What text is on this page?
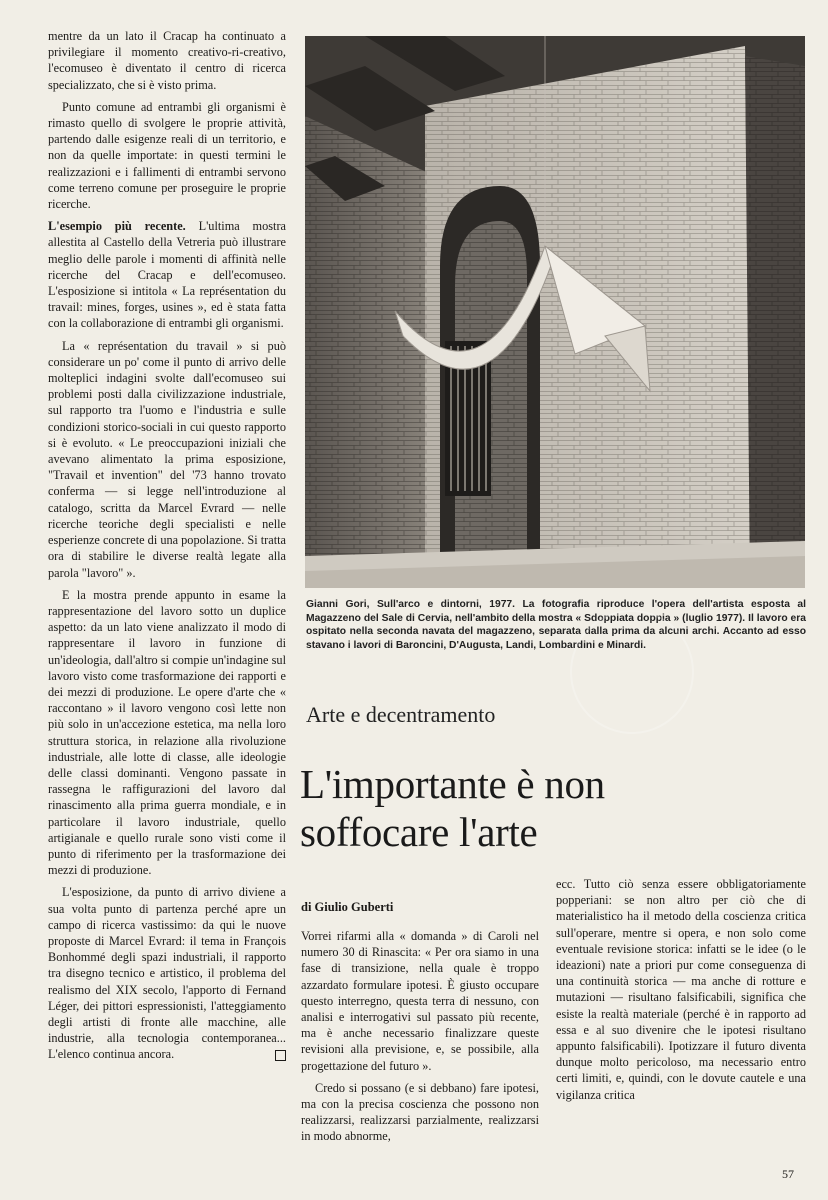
mentre da un lato il Cracap ha continuato a privilegiare il momento creativo-ri-creativo, l'ecomuseo è diventato il centro di ricerca specializzato, che si è visto prima.

Punto comune ad entrambi gli organismi è rimasto quello di svolgere le proprie attività, partendo dalle esigenze reali di un territorio, e non da quelle importate: in questi termini le realizzazioni e i fallimenti di entrambi servono come terreno comune per proseguire le proprie ricerche.

L'esempio più recente. L'ultima mostra allestita al Castello della Vetreria può illustrare meglio delle parole i momenti di affinità nelle ricerche del Cracap e dell'ecomuseo. L'esposizione si intitola « La représentation du travail: mines, forges, usines », ed è stata fatta con la collaborazione di entrambi gli organismi.

La « représentation du travail » si può considerare un po' come il punto di arrivo delle molteplici indagini svolte dall'ecomuseo sui problemi posti dalla civilizzazione industriale, sul rapporto tra l'uomo e l'industria e sulle condizioni storico-sociali in cui questo rapporto si è evoluto. « Le preoccupazioni iniziali che avevano alimentato la prima esposizione, "Travail et invention" del '73 hanno trovato conferma — si legge nell'introduzione al catalogo, scritta da Marcel Evrard — nelle ricerche teoriche degli specialisti e nelle esperienze concrete di una popolazione. Si tratta ora di stabilire le diverse realtà legate alla parola "lavoro" ».

E la mostra prende appunto in esame la rappresentazione del lavoro sotto un duplice aspetto: da un lato viene analizzato il modo di rappresentare il lavoro in funzione di un'ideologia, dall'altro si compie un'indagine sul lavoro visto come trasformazione dei rapporti e dei mezzi di produzione. Le opere d'arte che « raccontano » il lavoro vengono così lette non più solo in un'accezione estetica, ma nella loro struttura storica, in relazione alla rivoluzione industriale, alle lotte di classe, alle ideologie delle classi dominanti. Vengono passate in rassegna le raffigurazioni del lavoro dal rinascimento alla prima guerra mondiale, e in particolare il lavoro industriale, quello artigianale e quello rurale sono visti come il punto di riferimento per la trasformazione dei mezzi di produzione.

L'esposizione, da punto di arrivo diviene a sua volta punto di partenza perché apre un campo di ricerca vastissimo: da qui le nuove proposte di Marcel Evrard: il tema in François Bonhommé degli spazi industriali, il rapporto tra disegno tecnico e artistico, il problema del realismo del XIX secolo, l'apporto di Fernand Léger, dei pittori espressionisti, l'atteggiamento degli artisti di fronte alle macchine, alle industrie, alla tecnologia contemporanea... L'elenco continua ancora.

Gianni Gori, Sull'arco e dintorni, 1977. La fotografia riproduce l'opera dell'artista esposta al Magazzeno del Sale di Cervia, nell'ambito della mostra « Sdoppiata doppia » (luglio 1977). Il lavoro era ospitato nella seconda navata del magazzeno, separata dalla prima da alcuni archi. Accanto ad esso stavano i lavori di Baroncini, D'Augusta, Landi, Lombardini e Minardi.
Arte e decentramento
L'importante è non
soffocare l'arte
di Giulio Guberti

Vorrei rifarmi alla « domanda » di Caroli nel numero 30 di Rinascita: « Per ora siamo in una fase di transizione, nella quale è troppo azzardato formulare ipotesi. È giusto occupare questo interregno, questa terra di nessuno, con analisi e interrogativi sul passato più recente, ma è anche necessario finalizzare queste revisioni alla previsione, e, se possibile, alla progettazione del futuro ».

Credo si possano (e si debbano) fare ipotesi, ma con la precisa coscienza che possono non realizzarsi, realizzarsi parzialmente, realizzarsi in modo abnorme,

ecc. Tutto ciò senza essere obbligatoriamente popperiani: se non altro per ciò che di materialistico ha il metodo della coscienza critica sull'operare, mentre si opera, e non solo come eventuale revisione storica: infatti se le idee (o le ideazioni) nate a priori pur come conseguenza di una continuità storica — ma anche di rotture e mutazioni — risultano falsificabili, significa che esiste la realtà materiale (perché è in rapporto ad essa e al suo divenire che le ipotesi risultano appunto falsificabili). Ipotizzare il futuro diventa dunque molto pericoloso, ma necessario entro certi limiti, e, quindi, con le dovute cautele e una vigilanza critica

57
